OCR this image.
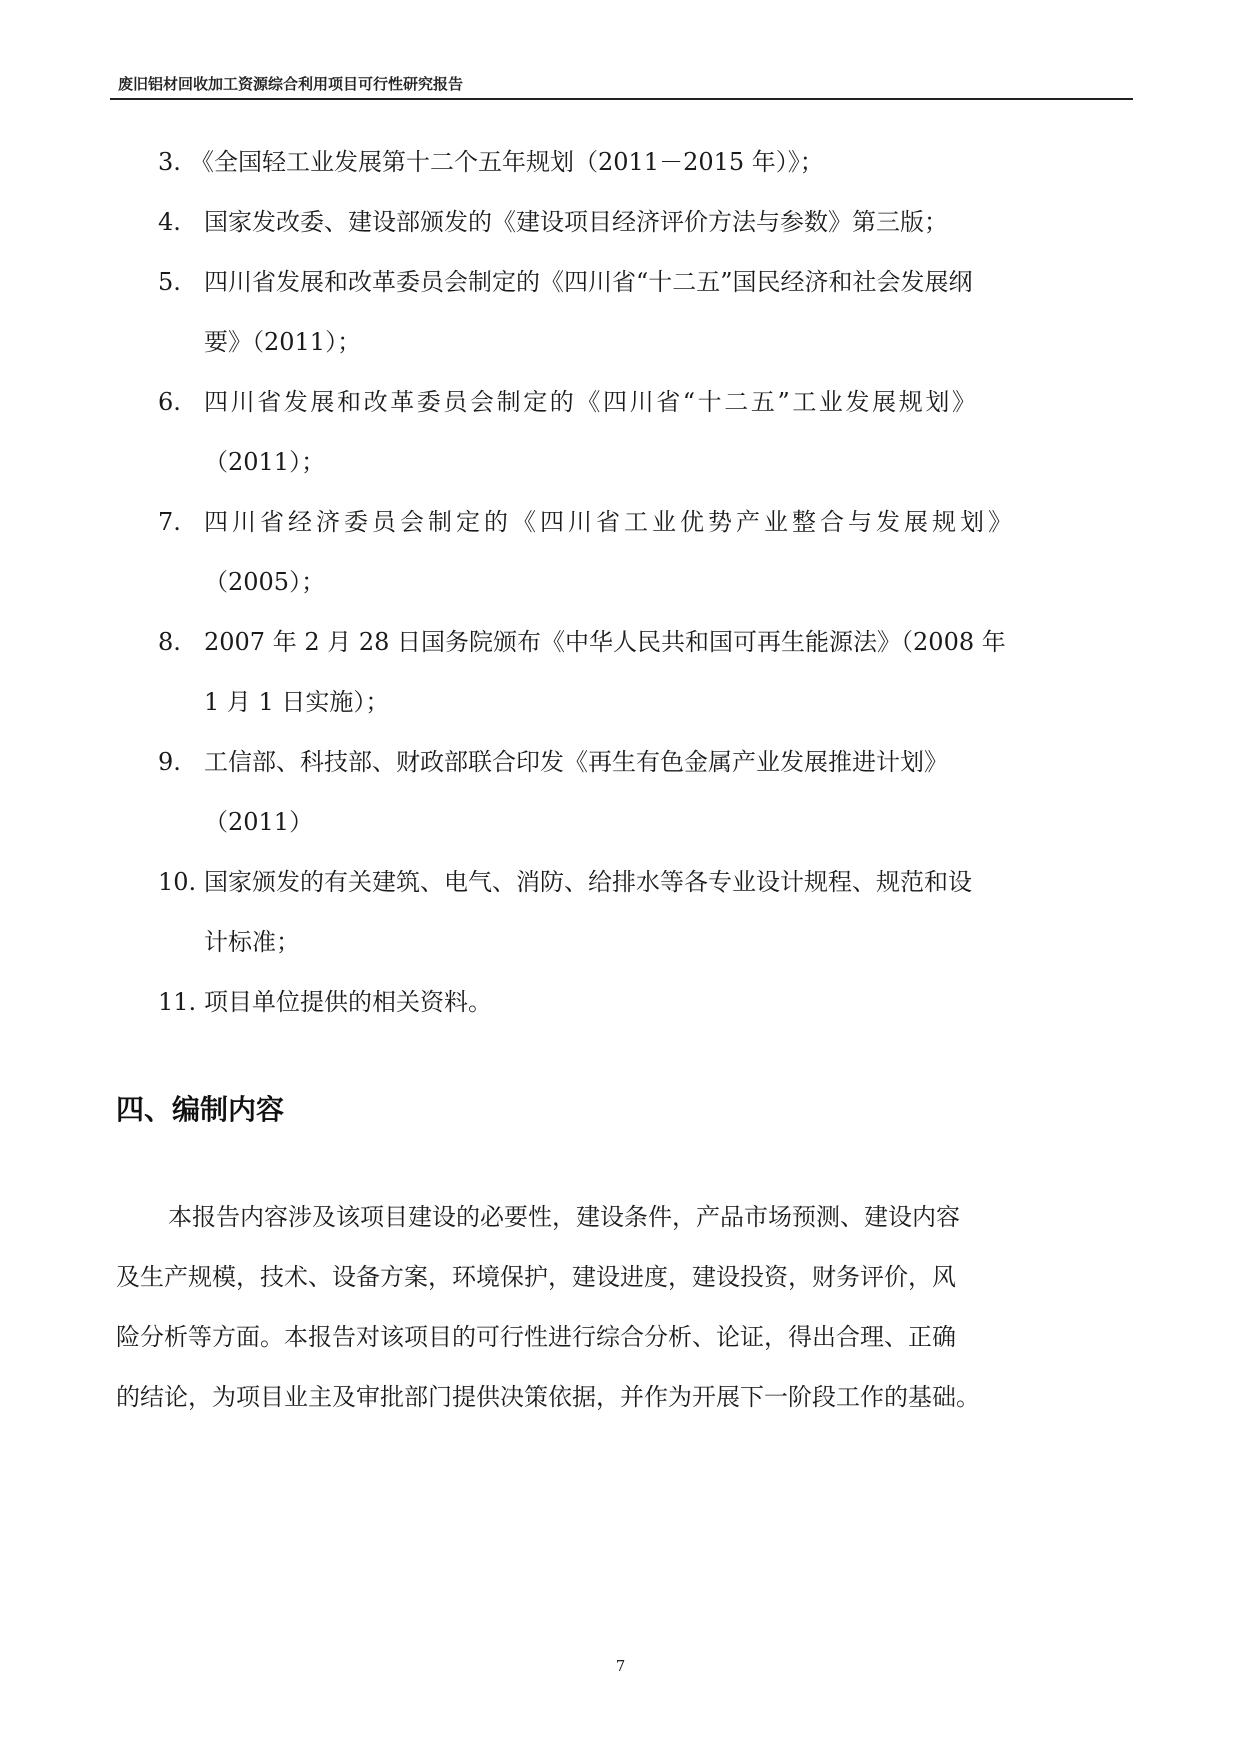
废旧铝材回收加工资源综合利用项目可行性研究报告
3. 《全国轻工业发展第十二个五年规划（2011－2015 年）》；
4. 国家发改委、建设部颁发的《建设项目经济评价方法与参数》第三版；
5. 四川省发展和改革委员会制定的《四川省“十二五”国民经济和社会发展纲
要》（2011）；
6. 四川省发展和改革委员会制定的《四川省“十二五”工业发展规划》
（2011）；
7. 四川省经济委员会制定的《四川省工业优势产业整合与发展规划》
（2005）；
8. 2007 年 2 月 28 日国务院颁布《中华人民共和国可再生能源法》（2008 年
1 月 1 日实施）；
9. 工信部、科技部、财政部联合印发《再生有色金属产业发展推进计划》
（2011）
10. 国家颁发的有关建筑、电气、消防、给排水等各专业设计规程、规范和设
计标准；
11. 项目单位提供的相关资料。
四、编制内容
本报告内容涉及该项目建设的必要性，建设条件，产品市场预测、建设内容
及生产规模，技术、设备方案，环境保护，建设进度，建设投资，财务评价，风
险分析等方面。本报告对该项目的可行性进行综合分析、论证，得出合理、正确
的结论，为项目业主及审批部门提供决策依据，并作为开展下一阶段工作的基础。
7
